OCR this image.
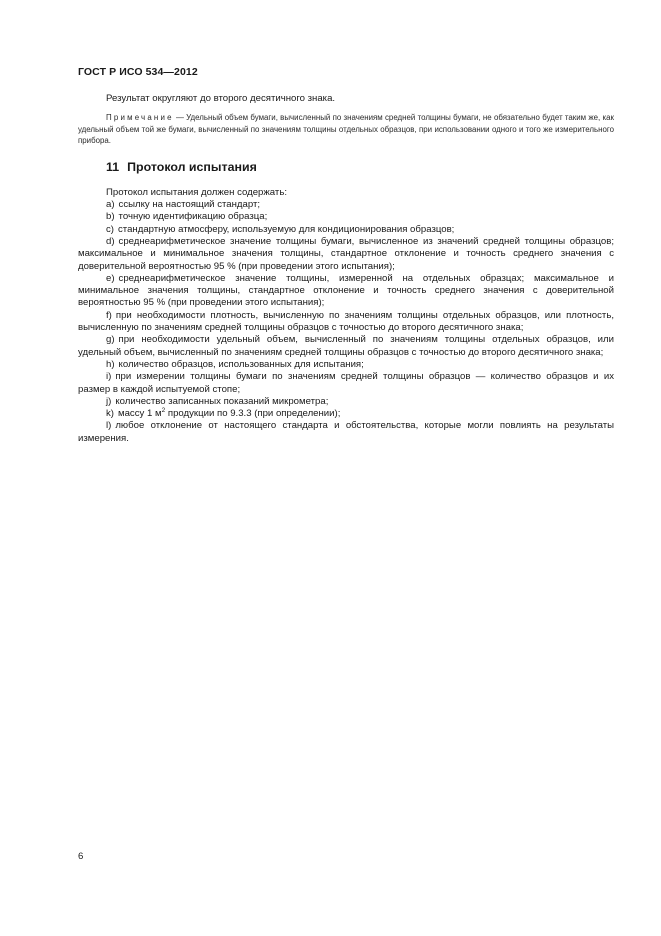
ГОСТ Р ИСО 534—2012

Результат округляют до второго десятичного знака.

Примечание — Удельный объем бумаги, вычисленный по значениям средней толщины бумаги, не обязательно будет таким же, как удельный объем той же бумаги, вычисленный по значениям толщины отдельных образцов, при использовании одного и того же измерительного прибора.

11 Протокол испытания

Протокол испытания должен содержать:

a) ссылку на настоящий стандарт;

b) точную идентификацию образца;

c) стандартную атмосферу, используемую для кондиционирования образцов;

d) среднеарифметическое значение толщины бумаги, вычисленное из значений средней толщины образцов; максимальное и минимальное значения толщины, стандартное отклонение и точность среднего значения с доверительной вероятностью 95 % (при проведении этого испытания);

e) среднеарифметическое значение толщины, измеренной на отдельных образцах; максимальное и минимальное значения толщины, стандартное отклонение и точность среднего значения с доверительной вероятностью 95 % (при проведении этого испытания);

f) при необходимости плотность, вычисленную по значениям толщины отдельных образцов, или плотность, вычисленную по значениям средней толщины образцов с точностью до второго десятичного знака;

g) при необходимости удельный объем, вычисленный по значениям толщины отдельных образцов, или удельный объем, вычисленный по значениям средней толщины образцов с точностью до второго десятичного знака;

h) количество образцов, использованных для испытания;

i) при измерении толщины бумаги по значениям средней толщины образцов — количество образцов и их размер в каждой испытуемой стопе;

j) количество записанных показаний микрометра;

k) массу 1 $м^2$ продукции по 9.3.3 (при определении);

l) любое отклонение от настоящего стандарта и обстоятельства, которые могли повлиять на результаты измерения.

6
